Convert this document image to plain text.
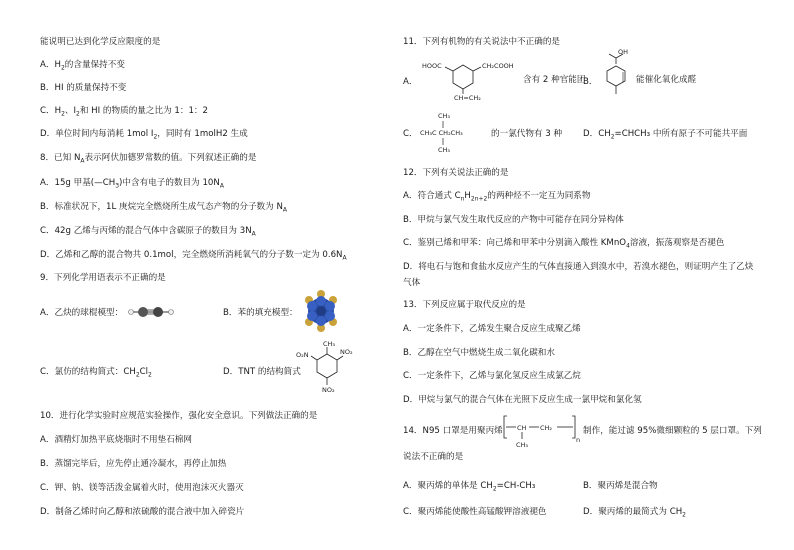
能说明已达到化学反应限度的是
A．$H_2$的含量保持不变
B．HI 的质量保持不变
C．$H_2$、$I_2$和 HI 的物质的量之比为 1：1：2
D．单位时间内每消耗 1mol $I_2$，同时有 1molH2 生成
8．已知 $N_A$表示阿伏加德罗常数的值。下列叙述正确的是
A．15g 甲基$(—CH_3)$中含有电子的数目为 $10N_A$
B．标准状况下，1L 庚烷完全燃烧所生成气态产物的分子数为 $N_A$
C．42g 乙烯与丙烯的混合气体中含碳原子的数目为 $3N_A$
D．乙烯和乙醇的混合物共 0.1mol，完全燃烧所消耗氧气的分子数一定为 $0.6N_A$
9．下列化学用语表示不正确的是
A．乙炔的球棍模型：	B．苯的填充模型：
C．氯仿的结构简式：$CH_2Cl_2$	D．TNT 的结构简式
CH₃
O₂N	NO₂
NO₂
10．进行化学实验时应规范实验操作，强化安全意识。下列做法正确的是
A．酒精灯加热平底烧瓶时不用垫石棉网
B．蒸馏完毕后，应先停止通冷凝水，再停止加热
C．钾、钠、镁等活泼金属着火时，使用泡沫灭火器灭
D．制备乙烯时向乙醇和浓硫酸的混合液中加入碎瓷片
11．下列有机物的有关说法中不正确的是
A．
HOOC	CH₂COOH
CH=CH₂
含有 2 种官能团
B．
OH
能催化氧化成醛
C．
CH₃
CH₃C CH₂CH₃
CH₃
的一氯代物有 3 种 D．$CH_2=CHCH_3$ 中所有原子不可能共平面
12．下列有关说法正确的是
A．符合通式 $C_nH_{2n+2}$的两种烃不一定互为同系物
B．甲烷与氯气发生取代反应的产物中可能存在同分异构体
C．鉴别己烯和甲苯：向己烯和甲苯中分别滴入酸性 KMnO$_4$溶液，振荡观察是否褪色
D．将电石与饱和食盐水反应产生的气体直接通入到溴水中，若溴水褪色，则证明产生了乙炔
气体
13．下列反应属于取代反应的是
A．一定条件下，乙烯发生聚合反应生成聚乙烯
B．乙醇在空气中燃烧生成二氧化碳和水
C．一定条件下，乙烯与氯化氢反应生成氯乙烷
D．甲烷与氯气的混合气体在光照下反应生成一氯甲烷和氯化氢
14．N95 口罩是用聚丙烯 CH CH₂
CH₃
n
制作，能过滤 95%微细颗粒的 5 层口罩。下列
说法不正确的是
A．聚丙烯的单体是 $CH_2=CH$-CH₃	B．聚丙烯是混合物
C．聚丙烯能使酸性高锰酸钾溶液褪色	D．聚丙烯的最简式为 $CH_2$
